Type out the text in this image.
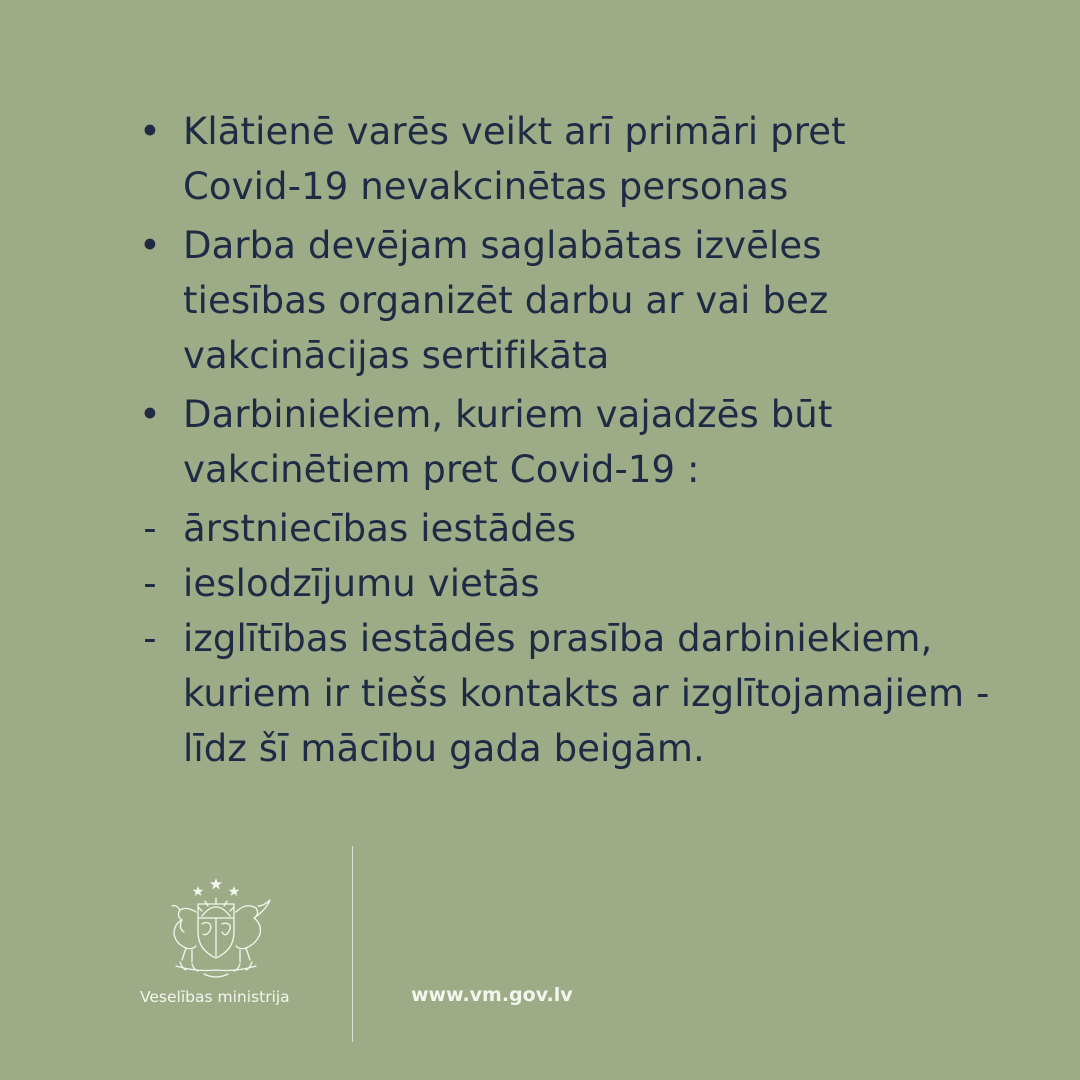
• Klātienē varēs veikt arī primāri pret
Covid-19 nevakcinētas personas
• Darba devējam saglabātas izvēles
tiesības organizēt darbu ar vai bez
vakcinācijas sertifikāta
• Darbiniekiem, kuriem vajadzēs būt
vakcinētiem pret Covid-19 :
- ārstniecības iestādēs
- ieslodzījumu vietās
- izglītības iestādēs prasība darbiniekiem,
kuriem ir tiešs kontakts ar izglītojamajiem -
līdz šī mācību gada beigām.
Veselības ministrija	www.vm.gov.lv
